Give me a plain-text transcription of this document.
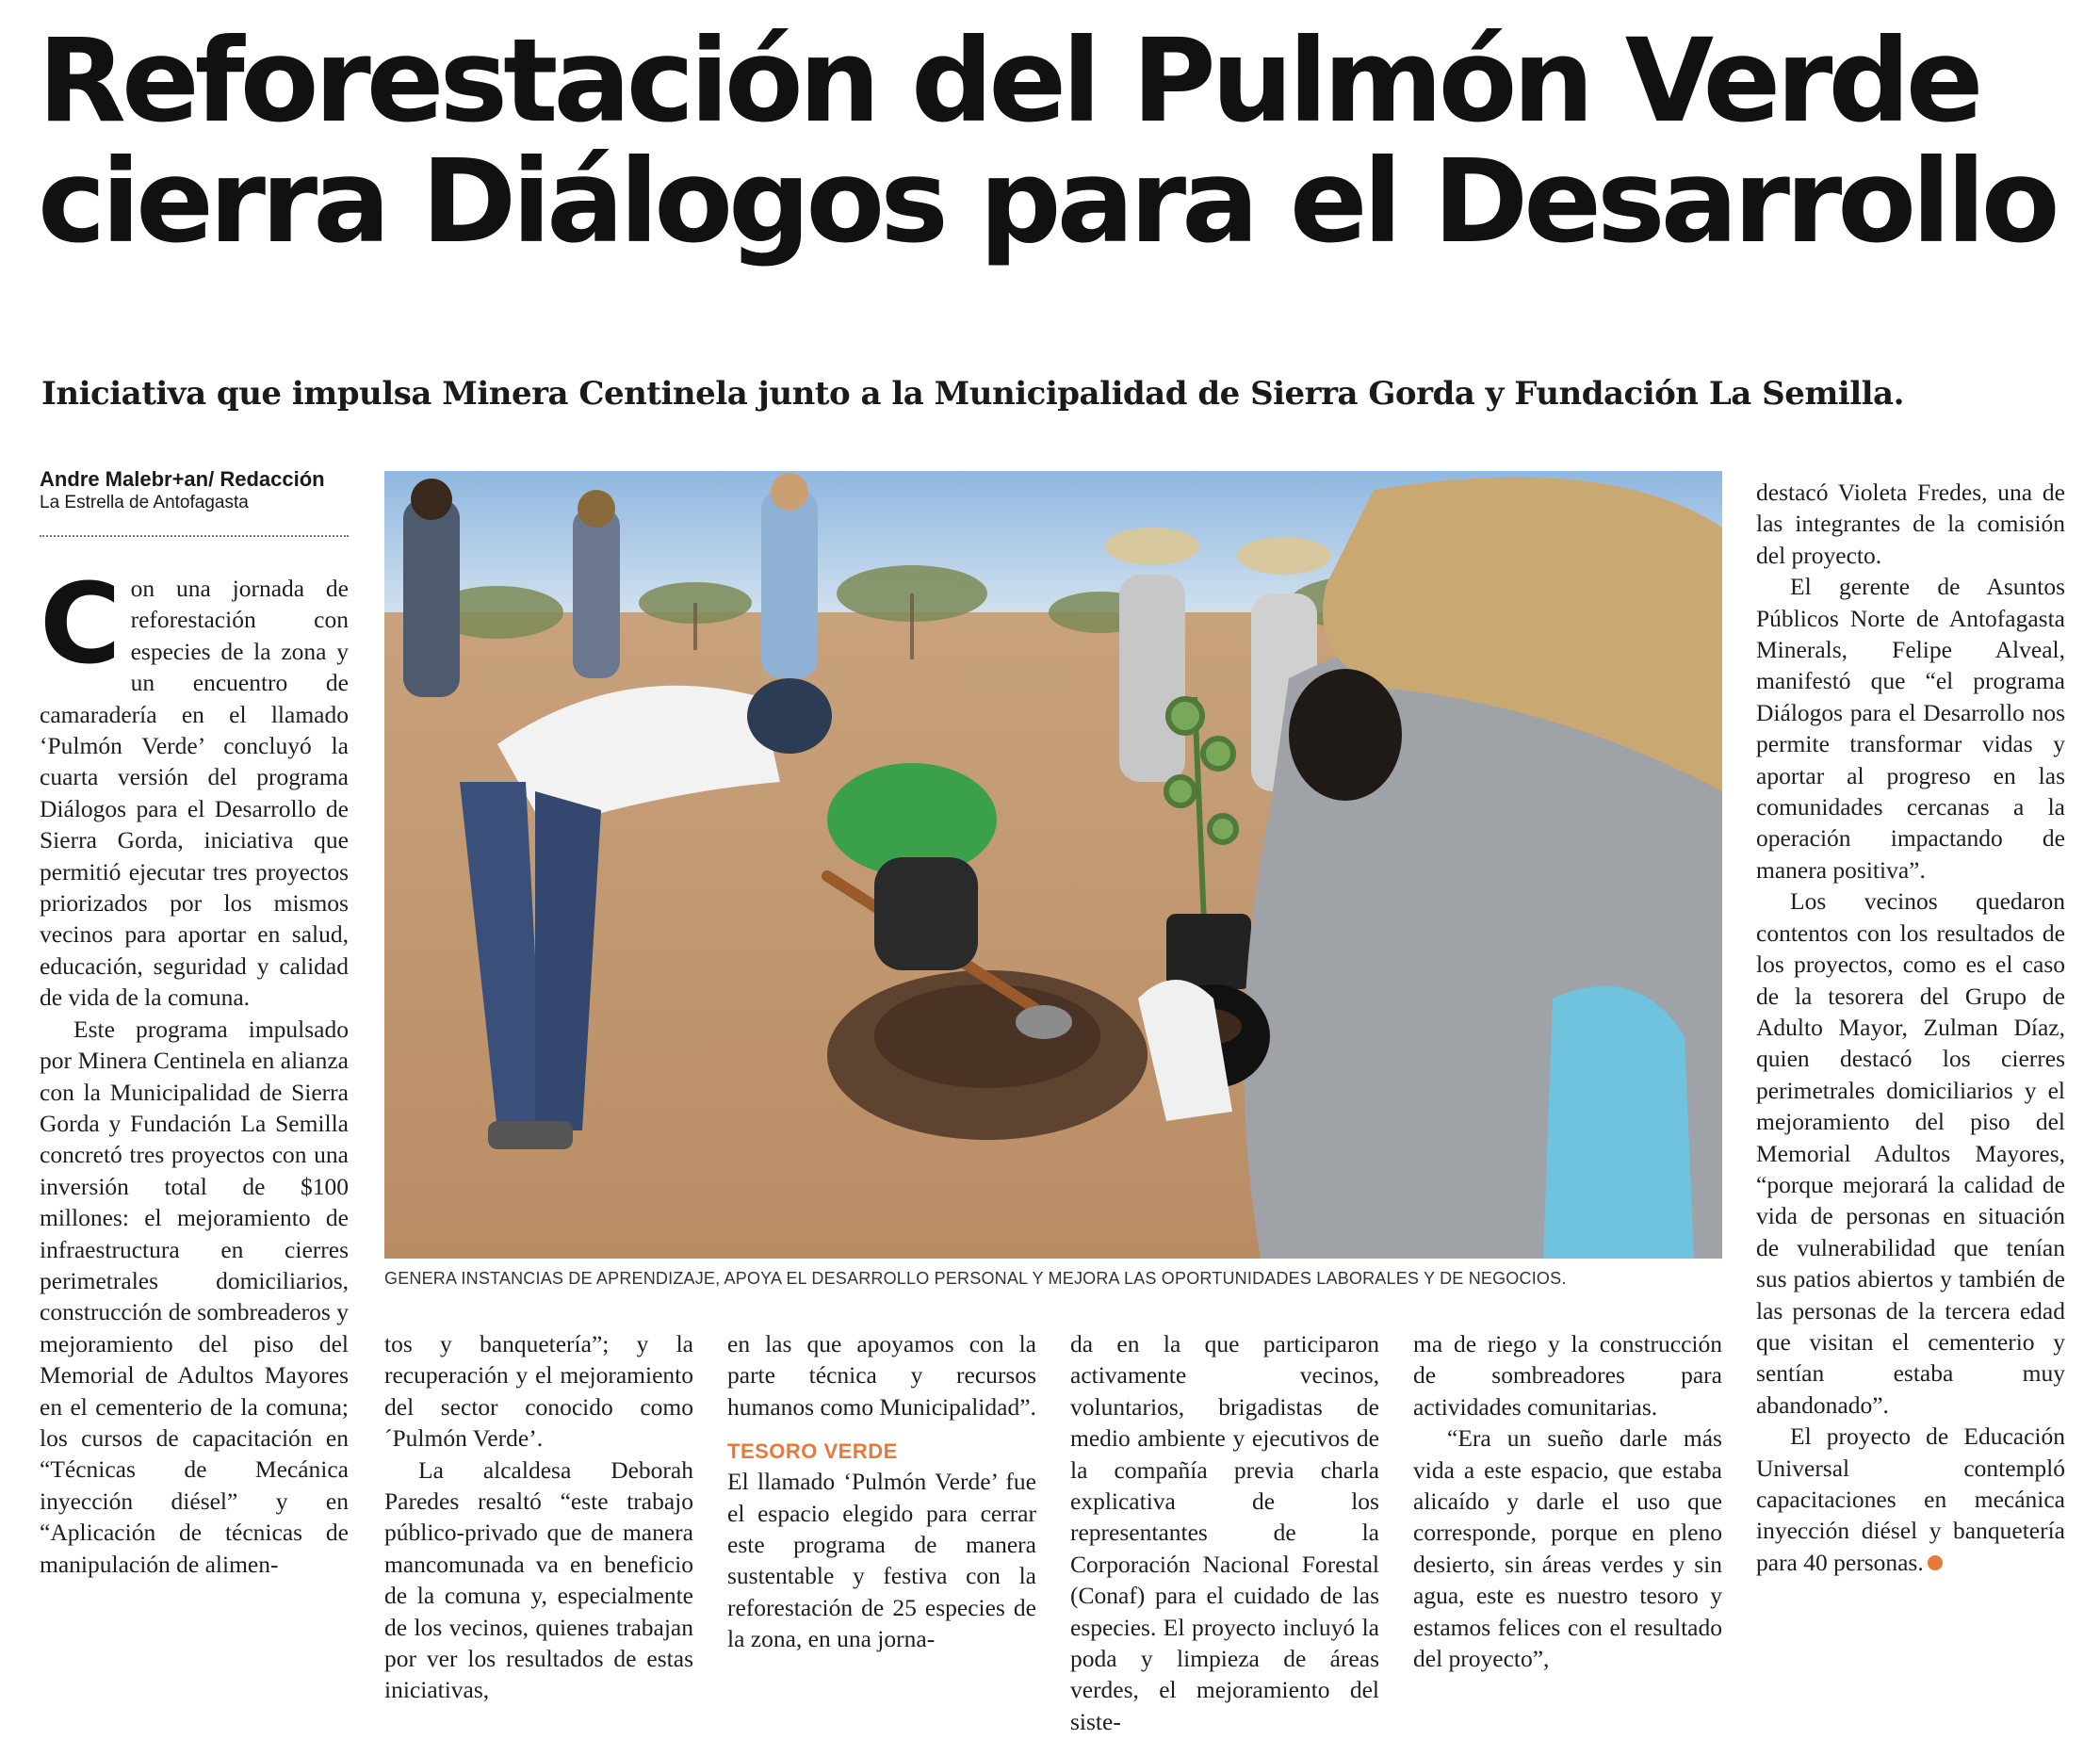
Reforestación del Pulmón Verde
cierra Diálogos para el Desarrollo

Iniciativa que impulsa Minera Centinela junto a la Municipalidad de Sierra Gorda y Fundación La Semilla.

Andre Malebr+an/ Redacción
La Estrella de Antofagasta

Con una jornada de reforestación con especies de la zona y un encuentro de camaradería en el llamado ‘Pulmón Verde’ concluyó la cuarta versión del programa Diálogos para el Desarrollo de Sierra Gorda, iniciativa que permitió ejecutar tres proyectos priorizados por los mismos vecinos para aportar en salud, educación, seguridad y calidad de vida de la comuna.

Este programa impulsado por Minera Centinela en alianza con la Municipalidad de Sierra Gorda y Fundación La Semilla concretó tres proyectos con una inversión total de $100 millones: el mejoramiento de infraestructura en cierres perimetrales domiciliarios, construcción de sombreaderos y mejoramiento del piso del Memorial de Adultos Mayores en el cementerio de la comuna; los cursos de capacitación en “Técnicas de Mecánica inyección diésel” y en “Aplicación de técnicas de manipulación de alimen-

GENERA INSTANCIAS DE APRENDIZAJE, APOYA EL DESARROLLO PERSONAL Y MEJORA LAS OPORTUNIDADES LABORALES Y DE NEGOCIOS.

tos y banquetería”; y la recuperación y el mejoramiento del sector conocido como ´Pulmón Verde’.

La alcaldesa Deborah Paredes resaltó “este trabajo público-privado que de manera mancomunada va en beneficio de la comuna y, especialmente de los vecinos, quienes trabajan por ver los resultados de estas iniciativas,

en las que apoyamos con la parte técnica y recursos humanos como Municipalidad”.

TESORO VERDE

El llamado ‘Pulmón Verde’ fue el espacio elegido para cerrar este programa de manera sustentable y festiva con la reforestación de 25 especies de la zona, en una jorna-

da en la que participaron activamente vecinos, voluntarios, brigadistas de medio ambiente y ejecutivos de la compañía previa charla explicativa de los representantes de la Corporación Nacional Forestal (Conaf) para el cuidado de las especies. El proyecto incluyó la poda y limpieza de áreas verdes, el mejoramiento del siste-

ma de riego y la construcción de sombreadores para actividades comunitarias.

“Era un sueño darle más vida a este espacio, que estaba alicaído y darle el uso que corresponde, porque en pleno desierto, sin áreas verdes y sin agua, este es nuestro tesoro y estamos felices con el resultado del proyecto”,

destacó Violeta Fredes, una de las integrantes de la comisión del proyecto.

El gerente de Asuntos Públicos Norte de Antofagasta Minerals, Felipe Alveal, manifestó que “el programa Diálogos para el Desarrollo nos permite transformar vidas y aportar al progreso en las comunidades cercanas a la operación impactando de manera positiva”.

Los vecinos quedaron contentos con los resultados de los proyectos, como es el caso de la tesorera del Grupo de Adulto Mayor, Zulman Díaz, quien destacó los cierres perimetrales domiciliarios y el mejoramiento del piso del Memorial Adultos Mayores, “porque mejorará la calidad de vida de personas en situación de vulnerabilidad que tenían sus patios abiertos y también de las personas de la tercera edad que visitan el cementerio y sentían estaba muy abandonado”.

El proyecto de Educación Universal contempló capacitaciones en mecánica inyección diésel y banquetería para 40 personas.
